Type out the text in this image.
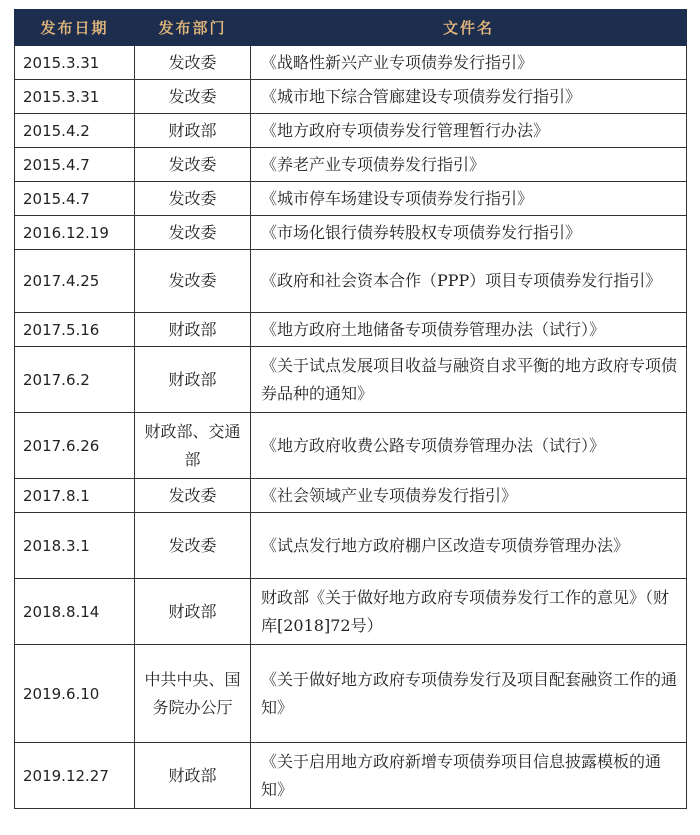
发布日期	发布部门	文件名
2015.3.31	发改委	《战略性新兴产业专项债券发行指引》
2015.3.31	发改委	《城市地下综合管廊建设专项债券发行指引》
2015.4.2	财政部	《地方政府专项债券发行管理暂行办法》
2015.4.7	发改委	《养老产业专项债券发行指引》
2015.4.7	发改委	《城市停车场建设专项债券发行指引》
2016.12.19	发改委	《市场化银行债券转股权专项债券发行指引》
2017.4.25	发改委	《政府和社会资本合作（PPP）项目专项债券发行指引》
2017.5.16	财政部	《地方政府土地储备专项债券管理办法（试行）》
2017.6.2	财政部	《关于试点发展项目收益与融资自求平衡的地方政府专项债券品种的通知》
2017.6.26	财政部、交通部	《地方政府收费公路专项债券管理办法（试行）》
2017.8.1	发改委	《社会领域产业专项债券发行指引》
2018.3.1	发改委	《试点发行地方政府棚户区改造专项债券管理办法》
2018.8.14	财政部	财政部《关于做好地方政府专项债券发行工作的意见》（财库[2018]72号）
2019.6.10	中共中央、国务院办公厅	《关于做好地方政府专项债券发行及项目配套融资工作的通知》
2019.12.27	财政部	《关于启用地方政府新增专项债券项目信息披露模板的通知》
